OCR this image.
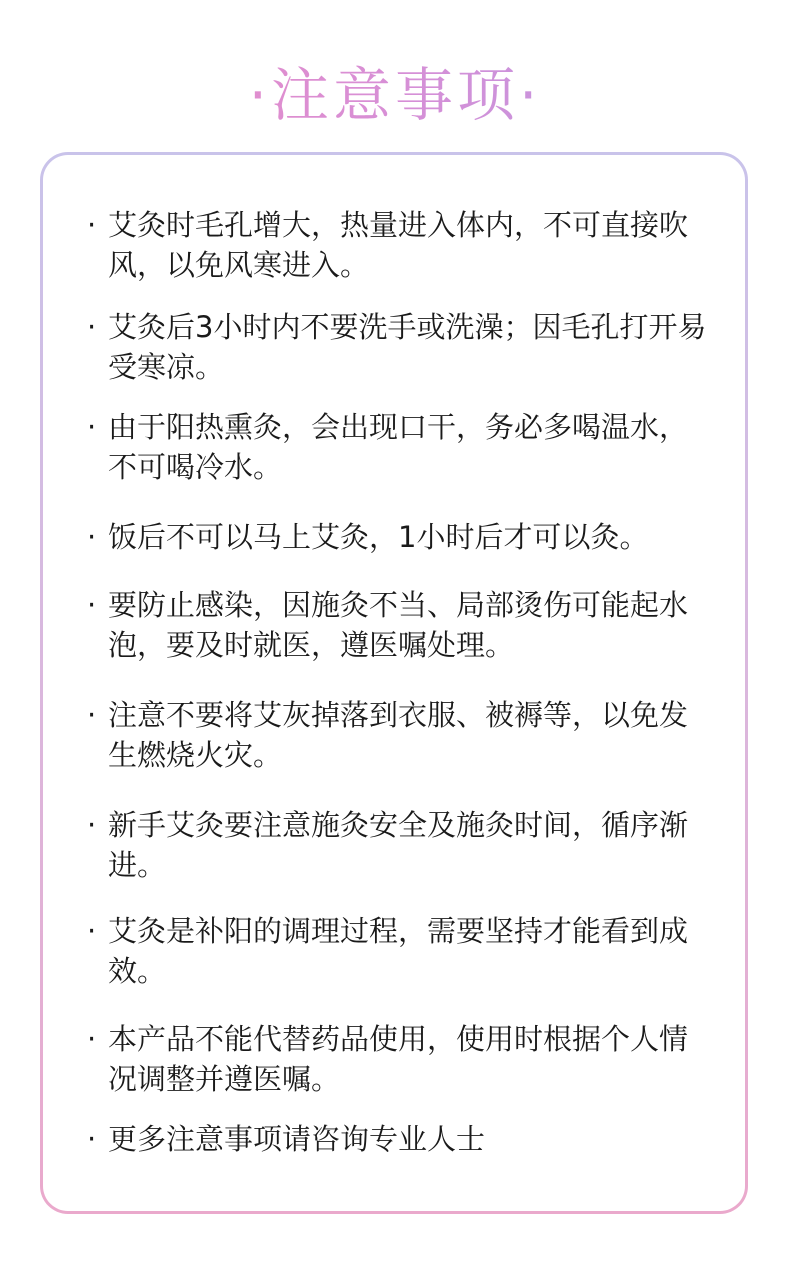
·注意事项·
· 艾灸时毛孔增大，热量进入体内，不可直接吹风，以免风寒进入。
· 艾灸后3小时内不要洗手或洗澡；因毛孔打开易受寒凉。
· 由于阳热熏灸，会出现口干，务必多喝温水，不可喝冷水。
· 饭后不可以马上艾灸，1小时后才可以灸。
· 要防止感染，因施灸不当、局部烫伤可能起水泡，要及时就医，遵医嘱处理。
· 注意不要将艾灰掉落到衣服、被褥等，以免发生燃烧火灾。
· 新手艾灸要注意施灸安全及施灸时间，循序渐进。
· 艾灸是补阳的调理过程，需要坚持才能看到成效。
· 本产品不能代替药品使用，使用时根据个人情况调整并遵医嘱。
· 更多注意事项请咨询专业人士
